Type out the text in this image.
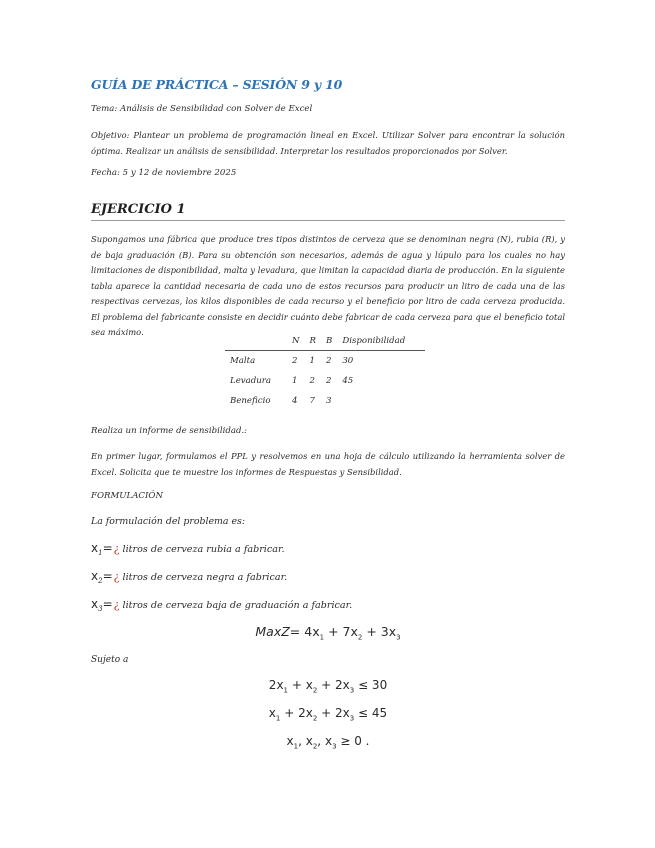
GUÍA DE PRÁCTICA – SESIÓN 9 y 10
Tema: Análisis de Sensibilidad con Solver de Excel
Objetivo: Plantear un problema de programación lineal en Excel. Utilizar Solver para encontrar la solución óptima. Realizar un análisis de sensibilidad. Interpretar los resultados proporcionados por Solver.
Fecha: 5 y 12 de noviembre 2025
EJERCICIO 1
Supongamos una fábrica que produce tres tipos distintos de cerveza que se denominan negra (N), rubia (R), y de baja graduación (B). Para su obtención son necesarios, además de agua y lúpulo para los cuales no hay limitaciones de disponibilidad, malta y levadura, que limitan la capacidad diaria de producción. En la siguiente tabla aparece la cantidad necesaria de cada uno de estos recursos para producir un litro de cada una de las respectivas cervezas, los kilos disponibles de cada recurso y el beneficio por litro de cada cerveza producida. El problema del fabricante consiste en decidir cuánto debe fabricar de cada cerveza para que el beneficio total sea máximo.
	N	R	B	Disponibilidad
Malta	2	1	2	30
Levadura	1	2	2	45
Beneficio	4	7	3	
Realiza un informe de sensibilidad.:
En primer lugar, formulamos el PPL y resolvemos en una hoja de cálculo utilizando la herramienta solver de Excel. Solicita que te muestre los informes de Respuestas y Sensibilidad.
FORMULACIÓN
La formulación del problema es:
$x_1=¿$ litros de cerveza rubia a fabricar.
$x_2=¿$ litros de cerveza negra a fabricar.
$x_3=¿$ litros de cerveza baja de graduación a fabricar.
MaxZ= $4x_1 + 7x_2 + 3x_3$
Sujeto a
$2x_1 + x_2 + 2x_3 \le 30$
$x_1 + 2x_2 + 2x_3 \le 45$
$x_1$, $x_2$, $x_3 \ge 0$ .
